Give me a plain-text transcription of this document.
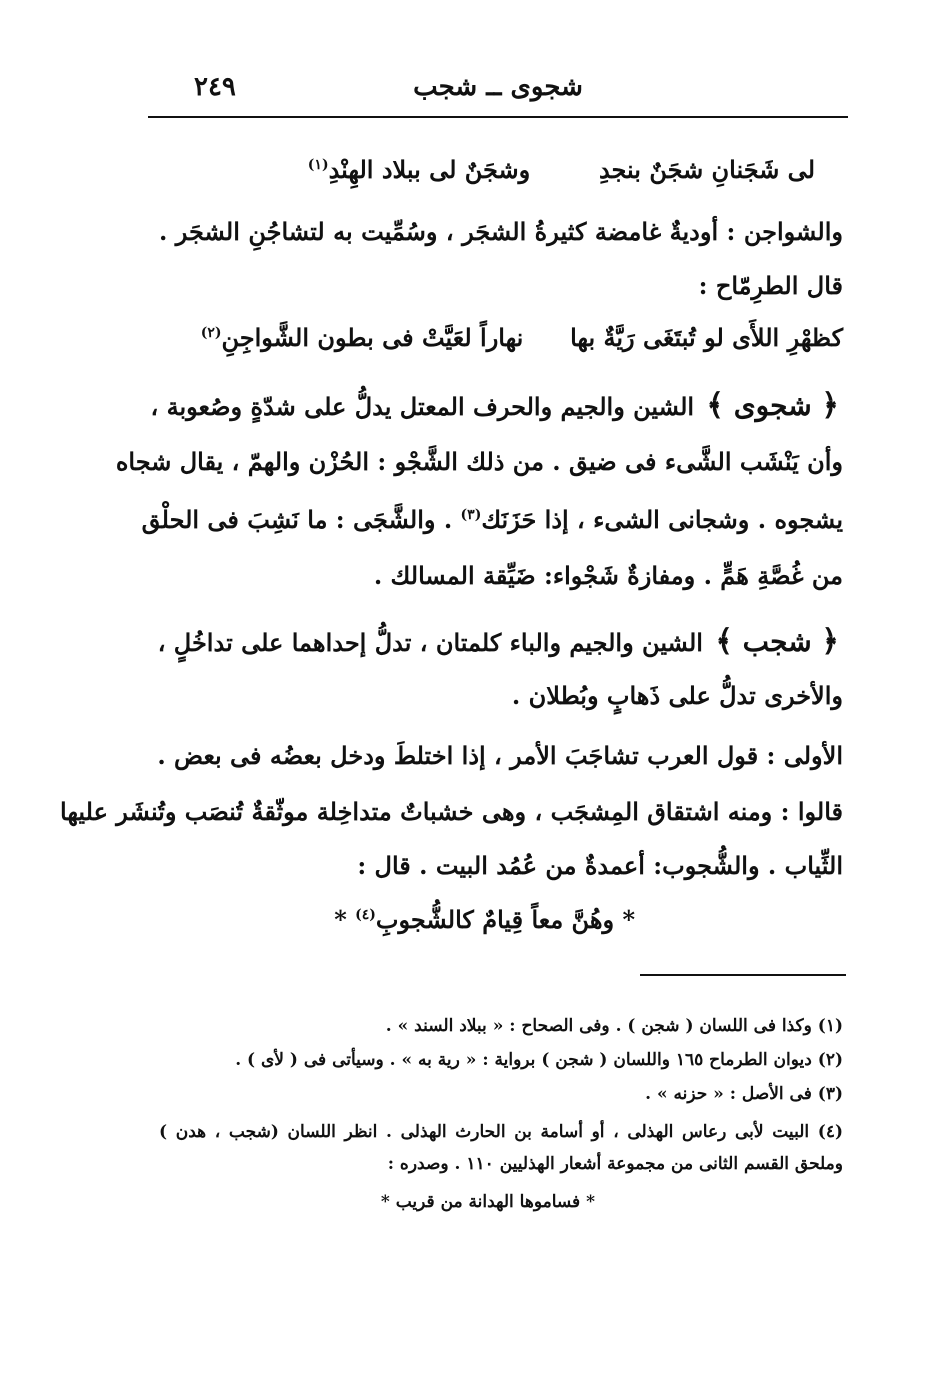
٢٤٩	شجوى ــ شجب
لى شَجَنانِ شجَنٌ بنجدِ  وشجَنٌ لى ببلاد الهِنْدِ$^{(١)}$
والشواجن : أوديةٌ غامضة كثيرةُ الشجَر ، وسُمِّيت به لتشاجُنِ الشجَر .
قال الطرِمّاح :
كظهْرِ اللأَى لو تُبتَغَى رَيَّةٌ بها  نهاراً لعَيَّتْ فى بطون الشَّواجِنِ$^{(٢)}$
﴿ شجوى ﴾ الشين والجيم والحرف المعتل يدلُّ على شدّةٍ وصُعوبة ،
وأن يَنْشَب الشَّىء فى ضيق . من ذلك الشَّجْو : الحُزْن والهمّ ، يقال شجاه
يشجوه . وشجانى الشىء ، إذا حَزَنَك$^{(٣)}$ . والشَّجَى : ما نَشِبَ فى الحلْق
من غُصَّةِ هَمٍّ . ومفازةٌ شَجْواء: ضَيِّقة المسالك .
﴿ شجب ﴾ الشين والجيم والباء كلمتان ، تدلُّ إحداهما على تداخُلٍ ،
والأخرى تدلُّ على ذَهابٍ وبُطلان .
الأولى : قول العرب تشاجَبَ الأمر ، إذا اختلطَ ودخل بعضُه فى بعض .
قالوا : ومنه اشتقاق المِشجَب ، وهى خشباتٌ متداخِلة موثّقةٌ تُنصَب وتُنشَر عليها
الثِّياب . والشُّجوب: أعمدةٌ من عُمُد البيت . قال :
* وهُنَّ معاً قِيامٌ كالشُّجوبِ$^{(٤)}$ *
(١) وكذا فى اللسان ( شجن ) . وفى الصحاح : « ببلاد السند » .
(٢) ديوان الطرماح ١٦٥ واللسان ( شجن ) برواية : « رية به » . وسيأتى فى ( لأى ) .
(٣) فى الأصل : « حزنه » .
(٤) البيت لأبى رعاس الهذلى ، أو أسامة بن الحارث الهذلى . انظر اللسان (شجب ، هدن )
وملحق القسم الثانى من مجموعة أشعار الهذليين ١١٠ . وصدره :
* فساموها الهدانة من قريب *
